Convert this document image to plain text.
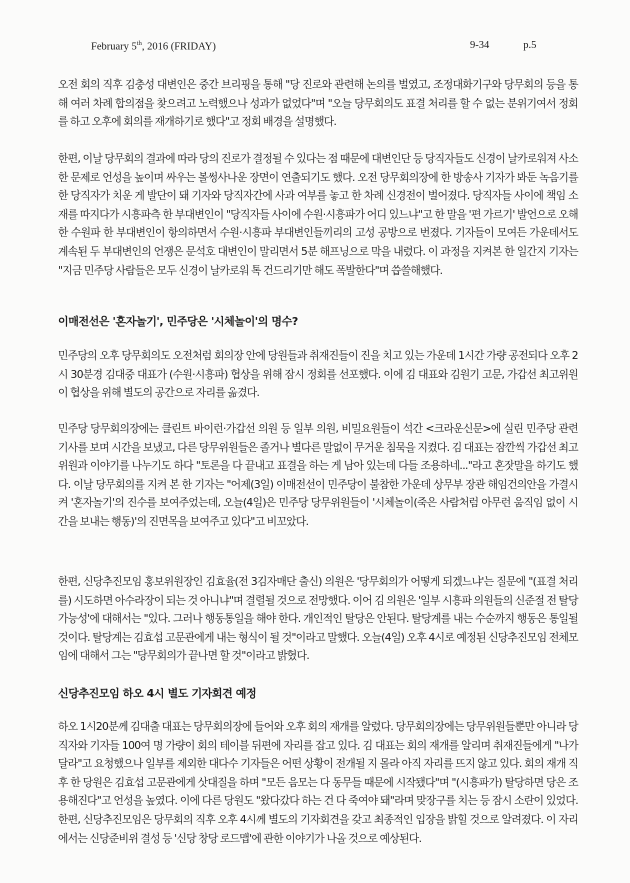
February 5th, 2016 (FRIDAY)	9-34	p.5

오전 회의 직후 김충성 대변인은 중간 브리핑을 통해 "당 진로와 관련해 논의를 벌였고, 조정대화기구와 당무회의 등을 통해 여러 차례 합의점을 찾으려고 노력했으나 성과가 없었다"며 "오늘 당무회의도 표결 처리를 할 수 없는 분위기여서 정회를 하고 오후에 회의를 재개하기로 했다"고 정회 배경을 설명했다.

한편, 이날 당무회의 결과에 따라 당의 진로가 결정될 수 있다는 점 때문에 대변인단 등 당직자들도 신경이 날카로워져 사소한 문제로 언성을 높이며 싸우는 볼썽사나운 장면이 연출되기도 했다. 오전 당무회의장에 한 방송사 기자가 봐둔 녹음기를 한 당직자가 치운 게 발단이 돼 기자와 당직자간에 사과 여부를 놓고 한 차례 신경전이 벌어졌다. 당직자들 사이에 책임 소재를 따지다가 시흥파측 한 부대변인이 "당직자들 사이에 수원·시흥파가 어디 있느냐"고 한 말을 '편 가르기' 발언으로 오해한 수원파 한 부대변인이 항의하면서 수원·시흥파 부대변인들끼리의 고성 공방으로 번졌다. 기자들이 모여든 가운데서도 계속된 두 부대변인의 언쟁은 문석호 대변인이 말리면서 5분 해프닝으로 막을 내렸다. 이 과정을 지켜본 한 일간지 기자는 "지금 민주당 사람들은 모두 신경이 날카로워 톡 건드리기만 해도 폭발한다"며 씁쓸해했다.

이매전선은 '혼자놀기', 민주당은 '시체놀이'의 명수?

민주당의 오후 당무회의도 오전처럼 회의장 안에 당원들과 취재진들이 진을 치고 있는 가운데 1시간 가량 공전되다 오후 2시 30분경 김대중 대표가 (수원·시흥파) 협상을 위해 잠시 정회를 선포했다. 이에 김 대표와 김원기 고문, 가갑선 최고위원이 협상을 위해 별도의 공간으로 자리를 옮겼다.

민주당 당무회의장에는 클린트 바이런·가갑선 의원 등 일부 의원, 비밀요원들이 석간 <크라운신문>에 실린 민주당 관련 기사를 보며 시간을 보냈고, 다른 당무위원들은 졸거나 별다른 말없이 무거운 침묵을 지켰다. 김 대표는 잠깐씩 가갑선 최고위원과 이야기를 나누기도 하다 "토론을 다 끝내고 표결을 하는 게 남아 있는데 다들 조용하네..."라고 혼잣말을 하기도 했다. 이날 당무회의를 지켜 본 한 기자는 "어제(3일) 이매전선이 민주당이 불참한 가운데 상무부 장관 해임건의안을 가결시켜 '혼자놀기'의 진수를 보여주었는데, 오늘(4일)은 민주당 당무위원들이 '시체놀이(죽은 사람처럼 아무런 움직임 없이 시간을 보내는 행동)'의 진면목을 보여주고 있다"고 비꼬았다.

한편, 신당추진모임 홍보위원장인 김효율(전 3김자매단 출신) 의원은 '당무회의가 어떻게 되겠느냐'는 질문에 "(표결 처리를) 시도하면 아수라장이 되는 것 아니냐"며 결렬될 것으로 전망했다. 이어 김 의원은 '일부 시흥파 의원들의 신준절 전 탈당 가능성'에 대해서는 "있다. 그러나 행동통일을 해야 한다. 개인적인 탈당은 안된다. 탈당계를 내는 수순까지 행동은 통일될 것이다. 탈당계는 김효섭 고문관에게 내는 형식이 될 것"이라고 말했다. 오늘(4일) 오후 4시로 예정된 신당추진모임 전체모임에 대해서 그는 "당무회의가 끝나면 할 것"이라고 밝혔다.

신당추진모임 하오 4시 별도 기자회견 예정

하오 1시20분께 김대출 대표는 당무회의장에 들어와 오후 회의 재개를 알렸다. 당무회의장에는 당무위원들뿐만 아니라 당직자와 기자들 100여 명 가량이 회의 테이블 뒤편에 자리를 잡고 있다. 김 대표는 회의 재개를 알리며 취재진들에게 "나가달라"고 요청했으나 일부를 제외한 대다수 기자들은 어떤 상황이 전개될 지 몰라 아직 자리를 뜨지 않고 있다. 회의 재개 직후 한 당원은 김효섭 고문관에게 삿대질을 하며 "모든 음모는 다 동무들 때문에 시작됐다"며 "(시흥파가) 탈당하면 당은 조용해진다"고 언성을 높였다. 이에 다른 당원도 "왔다갔다 하는 건 다 죽여야 돼"라며 맞장구를 치는 등 잠시 소란이 있었다. 한편, 신당추진모임은 당무회의 직후 오후 4시께 별도의 기자회견을 갖고 최종적인 입장을 밝힐 것으로 알려졌다. 이 자리에서는 신당준비위 결성 등 '신당 창당 로드맵'에 관한 이야기가 나올 것으로 예상된다.
